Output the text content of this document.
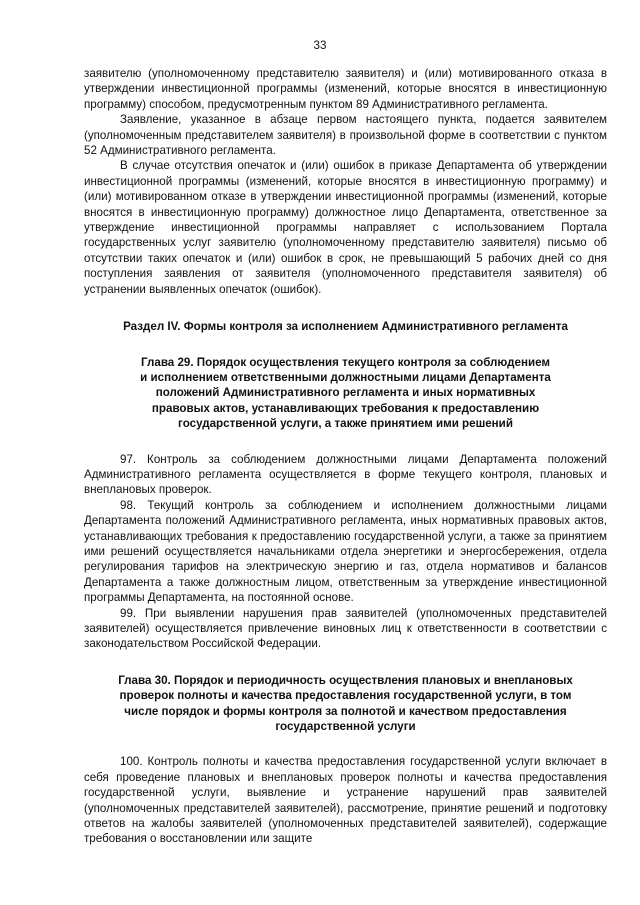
33

заявителю (уполномоченному представителю заявителя) и (или) мотивированного отказа в утверждении инвестиционной программы (изменений, которые вносятся в инвестиционную программу) способом, предусмотренным пунктом 89 Административного регламента.

Заявление, указанное в абзаце первом настоящего пункта, подается заявителем (уполномоченным представителем заявителя) в произвольной форме в соответствии с пунктом 52 Административного регламента.

В случае отсутствия опечаток и (или) ошибок в приказе Департамента об утверждении инвестиционной программы (изменений, которые вносятся в инвестиционную программу) и (или) мотивированном отказе в утверждении инвестиционной программы (изменений, которые вносятся в инвестиционную программу) должностное лицо Департамента, ответственное за утверждение инвестиционной программы направляет с использованием Портала государственных услуг заявителю (уполномоченному представителю заявителя) письмо об отсутствии таких опечаток и (или) ошибок в срок, не превышающий 5 рабочих дней со дня поступления заявления от заявителя (уполномоченного представителя заявителя) об устранении выявленных опечаток (ошибок).

Раздел IV. Формы контроля за исполнением Административного регламента
Глава 29. Порядок осуществления текущего контроля за соблюдением
и исполнением ответственными должностными лицами Департамента
положений Административного регламента и иных нормативных
правовых актов, устанавливающих требования к предоставлению
государственной услуги, а также принятием ими решений

97. Контроль за соблюдением должностными лицами Департамента положений Административного регламента осуществляется в форме текущего контроля, плановых и внеплановых проверок.

98. Текущий контроль за соблюдением и исполнением должностными лицами Департамента положений Административного регламента, иных нормативных правовых актов, устанавливающих требования к предоставлению государственной услуги, а также за принятием ими решений осуществляется начальниками отдела энергетики и энергосбережения, отдела регулирования тарифов на электрическую энергию и газ, отдела нормативов и балансов Департамента а также должностным лицом, ответственным за утверждение инвестиционной программы Департамента, на постоянной основе.

99. При выявлении нарушения прав заявителей (уполномоченных представителей заявителей) осуществляется привлечение виновных лиц к ответственности в соответствии с законодательством Российской Федерации.

Глава 30. Порядок и периодичность осуществления плановых и внеплановых
проверок полноты и качества предоставления государственной услуги, в том
числе порядок и формы контроля за полнотой и качеством предоставления
государственной услуги

100. Контроль полноты и качества предоставления государственной услуги включает в себя проведение плановых и внеплановых проверок полноты и качества предоставления государственной услуги, выявление и устранение нарушений прав заявителей (уполномоченных представителей заявителей), рассмотрение, принятие решений и подготовку ответов на жалобы заявителей (уполномоченных представителей заявителей), содержащие требования о восстановлении или защите
